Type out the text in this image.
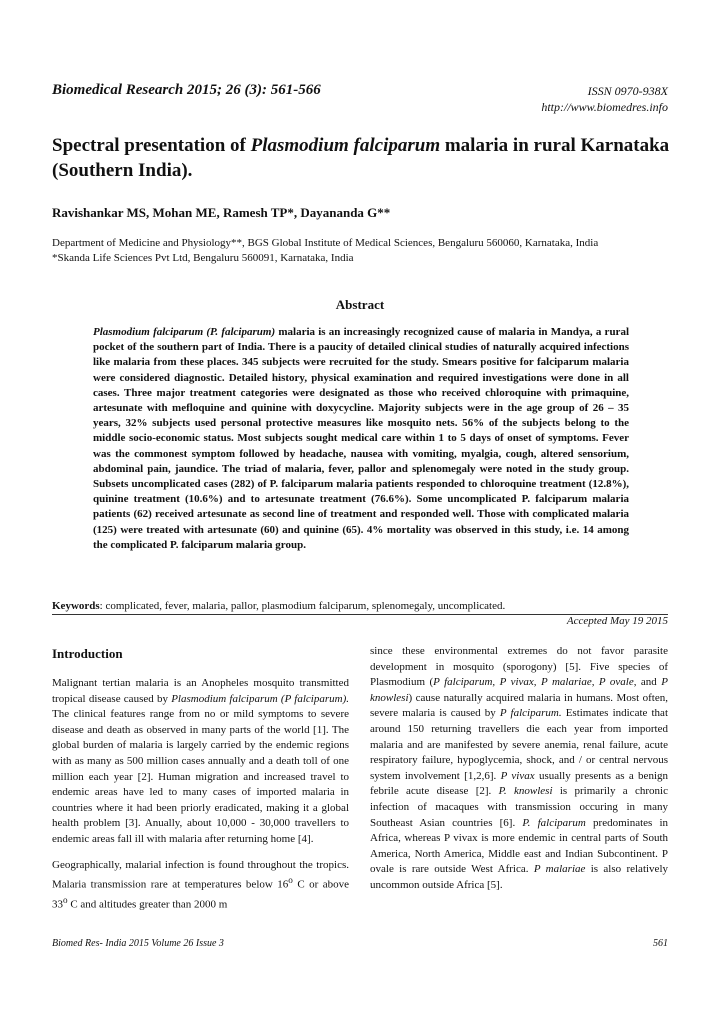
Biomedical Research 2015; 26 (3): 561-566	ISSN 0970-938X
http://www.biomedres.info
Spectral presentation of Plasmodium falciparum malaria in rural Karnataka (Southern India).
Ravishankar MS, Mohan ME, Ramesh TP*, Dayananda G**
Department of Medicine and Physiology**, BGS Global Institute of Medical Sciences, Bengaluru 560060, Karnataka, India
*Skanda Life Sciences Pvt Ltd, Bengaluru 560091, Karnataka, India
Abstract
Plasmodium falciparum (P. falciparum) malaria is an increasingly recognized cause of malaria in Mandya, a rural pocket of the southern part of India. There is a paucity of detailed clinical studies of naturally acquired infections like malaria from these places. 345 subjects were recruited for the study. Smears positive for falciparum malaria were considered diagnostic. Detailed history, physical examination and required investigations were done in all cases. Three major treatment categories were designated as those who received chloroquine with primaquine, artesunate with mefloquine and quinine with doxycycline. Majority subjects were in the age group of 26 – 35 years, 32% subjects used personal protective measures like mosquito nets. 56% of the subjects belong to the middle socio-economic status. Most subjects sought medical care within 1 to 5 days of onset of symptoms. Fever was the commonest symptom followed by headache, nausea with vomiting, myalgia, cough, altered sensorium, abdominal pain, jaundice. The triad of malaria, fever, pallor and splenomegaly were noted in the study group. Subsets uncomplicated cases (282) of P. falciparum malaria patients responded to chloroquine treatment (12.8%), quinine treatment (10.6%) and to artesunate treatment (76.6%). Some uncomplicated P. falciparum malaria patients (62) received artesunate as second line of treatment and responded well. Those with complicated malaria (125) were treated with artesunate (60) and quinine (65). 4% mortality was observed in this study, i.e. 14 among the complicated P. falciparum malaria group.
Keywords: complicated, fever, malaria, pallor, plasmodium falciparum, splenomegaly, uncomplicated.
Accepted May 19 2015
Introduction

Malignant tertian malaria is an Anopheles mosquito transmitted tropical disease caused by Plasmodium falciparum (P falciparum). The clinical features range from no or mild symptoms to severe disease and death as observed in many parts of the world [1]. The global burden of malaria is largely carried by the endemic regions with as many as 500 million cases annually and a death toll of one million each year [2]. Human migration and increased travel to endemic areas have led to many cases of imported malaria in countries where it had been priorly eradicated, making it a global health problem [3]. Anually, about 10,000 - 30,000 travellers to endemic areas fall ill with malaria after returning home [4].

Geographically, malarial infection is found throughout the tropics. Malaria transmission rare at temperatures below 16$^o$ C or above 33$^o$ C and altitudes greater than 2000 m

since these environmental extremes do not favor parasite development in mosquito (sporogony) [5]. Five species of Plasmodium (P falciparum, P vivax, P malariae, P ovale, and P knowlesi) cause naturally acquired malaria in humans. Most often, severe malaria is caused by P falciparum. Estimates indicate that around 150 returning travellers die each year from imported malaria and are manifested by severe anemia, renal failure, acute respiratory failure, hypoglycemia, shock, and / or central nervous system involvement [1,2,6]. P vivax usually presents as a benign febrile acute disease [2]. P. knowlesi is primarily a chronic infection of macaques with transmission occuring in many Southeast Asian countries [6]. P. falciparum predominates in Africa, whereas P vivax is more endemic in central parts of South America, North America, Middle east and Indian Subcontinent. P ovale is rare outside West Africa. P malariae is also relatively uncommon outside Africa [5].

Biomed Res- India 2015 Volume 26 Issue 3	561
